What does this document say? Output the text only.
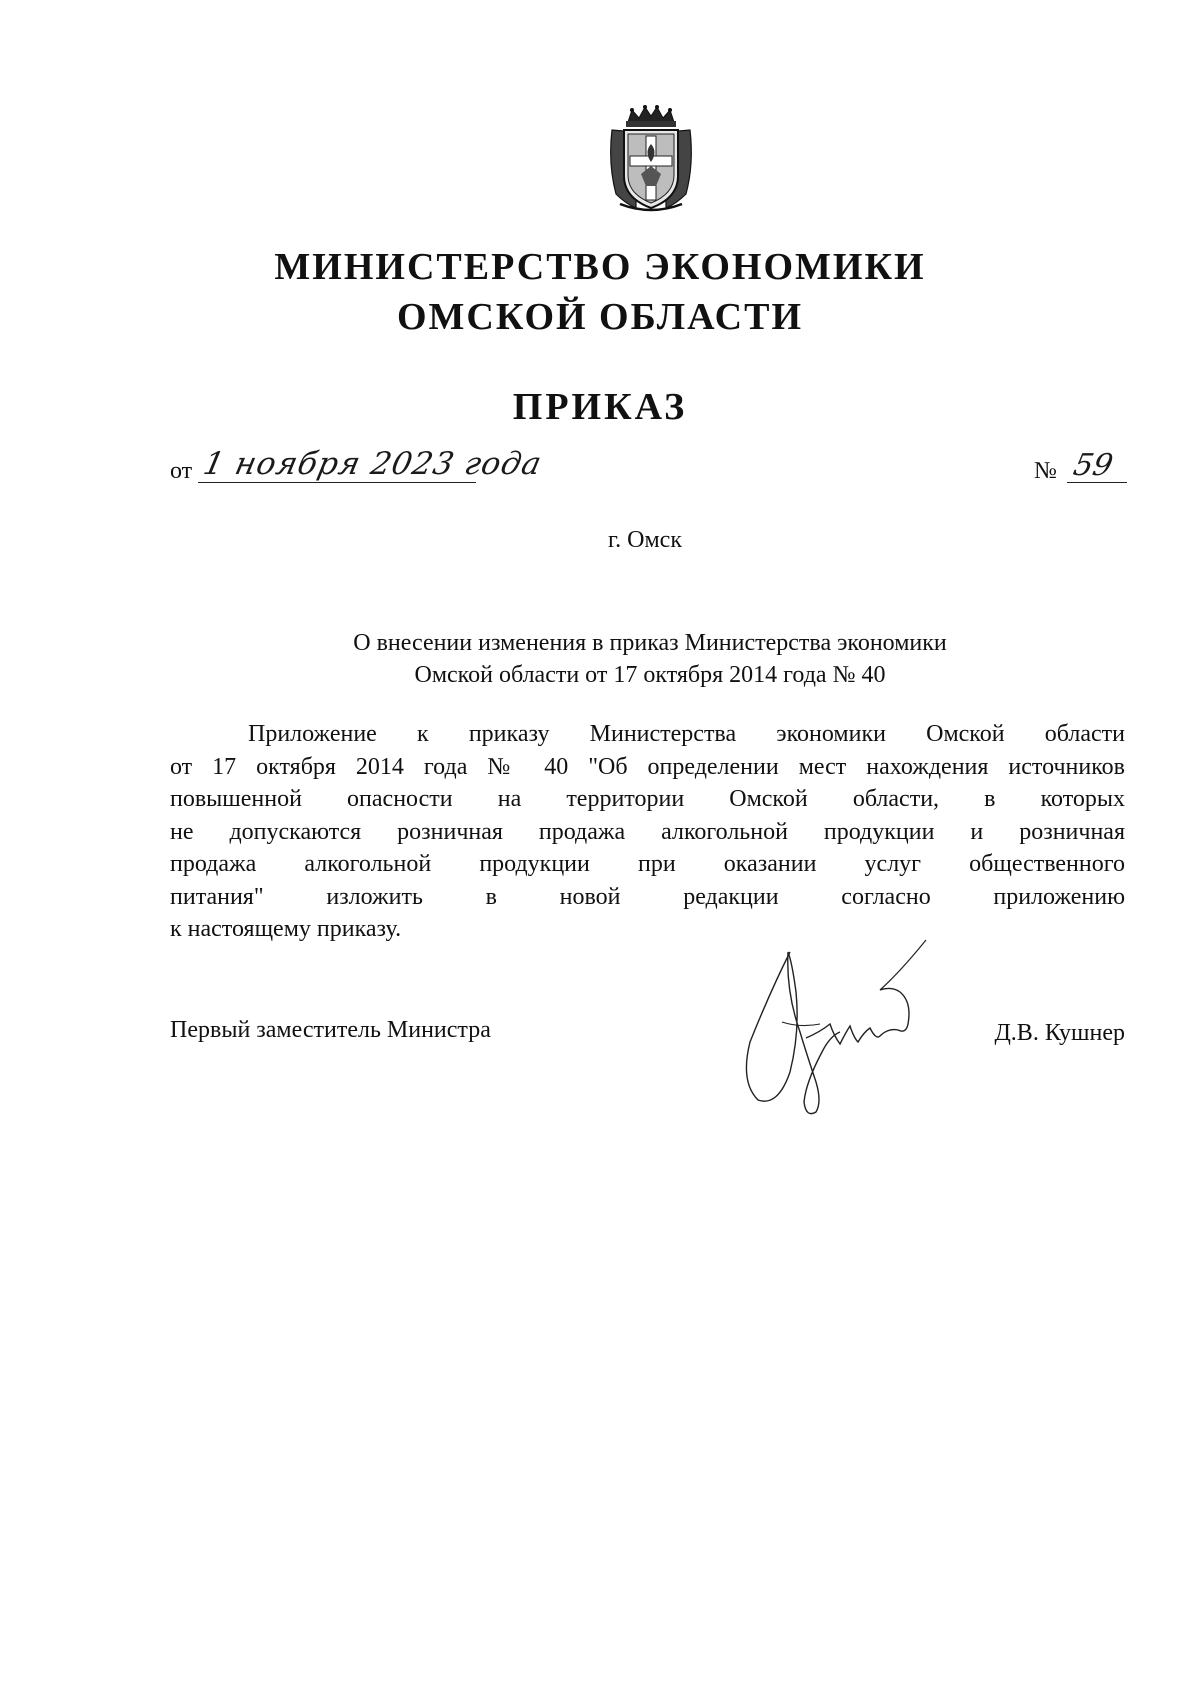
МИНИСТЕРСТВО ЭКОНОМИКИ
ОМСКОЙ ОБЛАСТИ
ПРИКАЗ
от 1 ноября 2023 года	№ 59
г. Омск
О внесении изменения в приказ Министерства экономики
Омской области от 17 октября 2014 года № 40
Приложение к приказу Министерства экономики Омской области
от 17 октября 2014 года № 40 "Об определении мест нахождения источников
повышенной опасности на территории Омской области, в которых
не допускаются розничная продажа алкогольной продукции и розничная
продажа алкогольной продукции при оказании услуг общественного
питания" изложить в новой редакции согласно приложению
к настоящему приказу.
Первый заместитель Министра	Д.В. Кушнер
